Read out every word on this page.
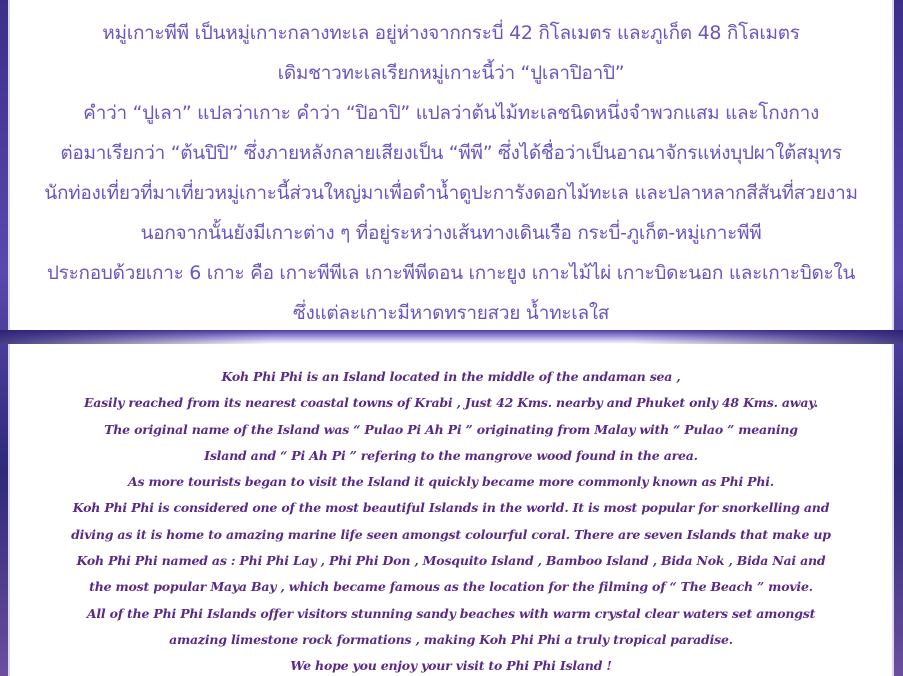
หมู่เกาะพีพี เป็นหมู่เกาะกลางทะเล อยู่ห่างจากกระบี่ 42 กิโลเมตร และภูเก็ต 48 กิโลเมตร
เดิมชาวทะเลเรียกหมู่เกาะนี้ว่า “ปูเลาปิอาปิ”
คำว่า “ปูเลา” แปลว่าเกาะ คำว่า “ปิอาปิ” แปลว่าต้นไม้ทะเลชนิดหนึ่งจำพวกแสม และโกงกาง
ต่อมาเรียกว่า “ต้นปิปิ” ซึ่งภายหลังกลายเสียงเป็น “พีพี” ซึ่งได้ชื่อว่าเป็นอาณาจักรแห่งบุปผาใต้สมุทร
นักท่องเที่ยวที่มาเที่ยวหมู่เกาะนี้ส่วนใหญ่มาเพื่อดำน้ำดูปะการังดอกไม้ทะเล และปลาหลากสีสันที่สวยงาม
นอกจากนั้นยังมีเกาะต่าง ๆ ที่อยู่ระหว่างเส้นทางเดินเรือ กระบี่-ภูเก็ต-หมู่เกาะพีพี
ประกอบด้วยเกาะ 6 เกาะ คือ เกาะพีพีเล เกาะพีพีดอน เกาะยูง เกาะไม้ไผ่ เกาะบิดะนอก และเกาะบิดะใน
ซึ่งแต่ละเกาะมีหาดทรายสวย น้ำทะเลใส
Koh Phi Phi is an Island located in the middle of the andaman sea ,
Easily reached from its nearest coastal towns of Krabi , Just 42 Kms. nearby and Phuket only 48 Kms. away.
The original name of the Island was “ Pulao Pi Ah Pi ” originating from Malay with “ Pulao ” meaning
Island and “ Pi Ah Pi ” refering to the mangrove wood found in the area.
As more tourists began to visit the Island it quickly became more commonly known as Phi Phi.
Koh Phi Phi is considered one of the most beautiful Islands in the world. It is most popular for snorkelling and
diving as it is home to amazing marine life seen amongst colourful coral. There are seven Islands that make up
Koh Phi Phi named as : Phi Phi Lay , Phi Phi Don , Mosquito Island , Bamboo Island , Bida Nok , Bida Nai and
the most popular Maya Bay , which became famous as the location for the filming of “ The Beach ” movie.
All of the Phi Phi Islands offer visitors stunning sandy beaches with warm crystal clear waters set amongst
amazing limestone rock formations , making Koh Phi Phi a truly tropical paradise.
We hope you enjoy your visit to Phi Phi Island !
